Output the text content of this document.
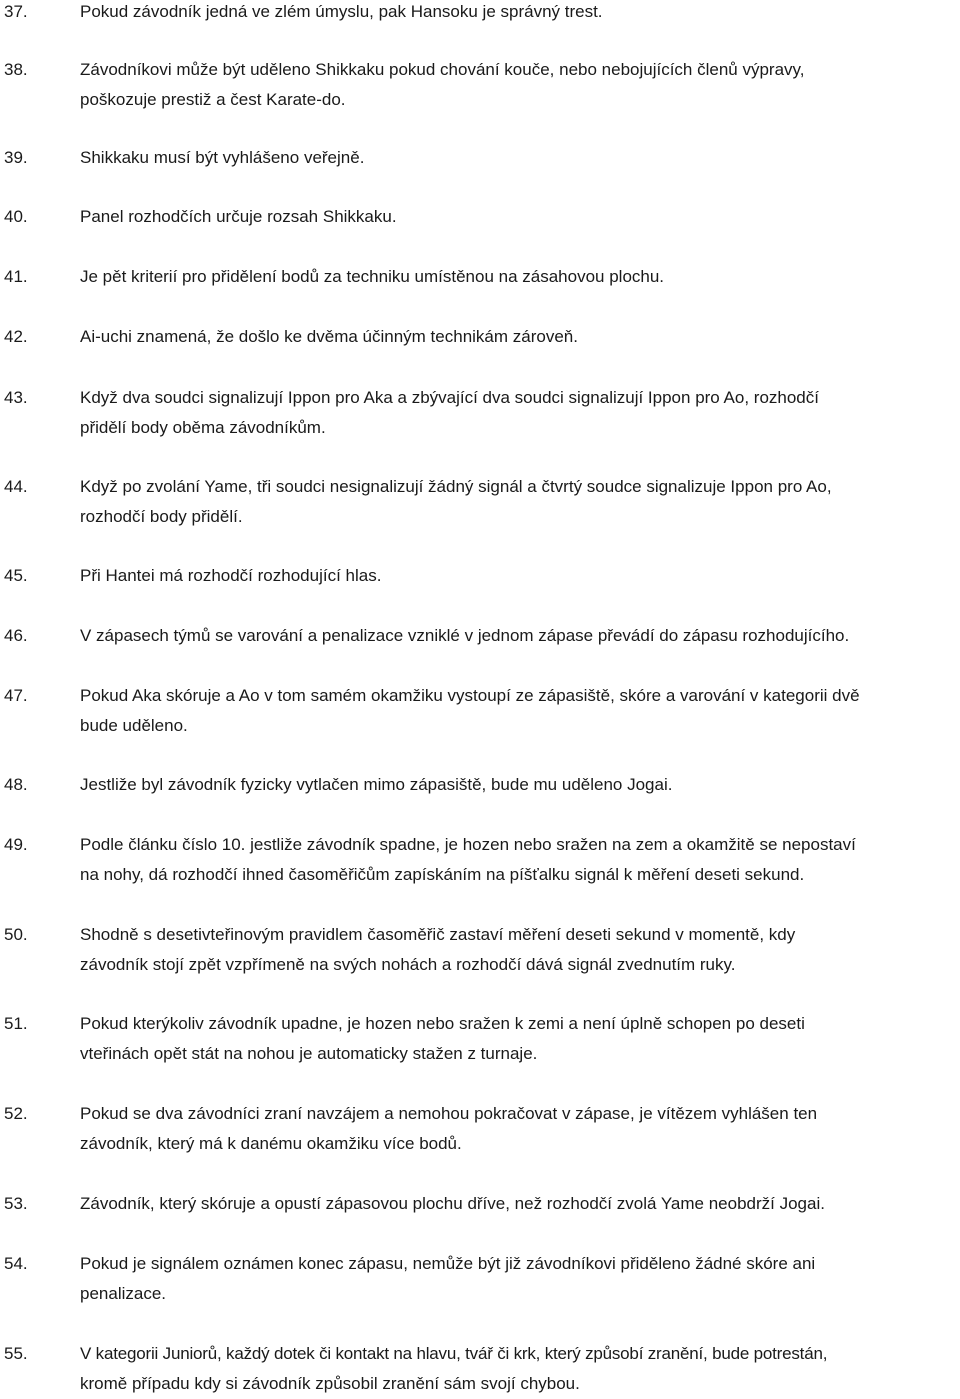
37.	Pokud závodník jedná ve zlém úmyslu, pak Hansoku je správný trest.
38.	Závodníkovi může být uděleno Shikkaku pokud chování kouče, nebo nebojujících členů výpravy,
poškozuje prestiž a čest Karate-do.
39.	Shikkaku musí být vyhlášeno veřejně.
40.	Panel rozhodčích určuje rozsah Shikkaku.
41.	Je pět kriterií pro přidělení bodů za techniku umístěnou na zásahovou plochu.
42.	Ai-uchi znamená, že došlo ke dvěma účinným technikám zároveň.
43.	Když dva soudci signalizují Ippon pro Aka a zbývající dva soudci signalizují Ippon pro Ao, rozhodčí
přidělí body oběma závodníkům.
44.	Když po zvolání Yame, tři soudci nesignalizují žádný signál a čtvrtý soudce signalizuje Ippon pro Ao,
rozhodčí body přidělí.
45.	Při Hantei má rozhodčí rozhodující hlas.
46.	V zápasech týmů se varování a penalizace vzniklé v jednom zápase převádí do zápasu rozhodujícího.
47.	Pokud Aka skóruje a Ao v tom samém okamžiku vystoupí ze zápasiště, skóre a varování v kategorii dvě
bude uděleno.
48.	Jestliže byl závodník fyzicky vytlačen mimo zápasiště, bude mu uděleno Jogai.
49.	Podle článku číslo 10. jestliže závodník spadne, je hozen nebo sražen na zem a okamžitě se nepostaví
na nohy, dá rozhodčí ihned časoměřičům zapískáním na píšťalku signál k měření deseti sekund.
50.	Shodně s desetivteřinovým pravidlem časoměřič zastaví měření deseti sekund v momentě, kdy
závodník stojí zpět vzpřímeně na svých nohách a rozhodčí dává signál zvednutím ruky.
51.	Pokud kterýkoliv závodník upadne, je hozen nebo sražen k zemi a není úplně schopen po deseti
vteřinách opět stát na nohou je automaticky stažen z turnaje.
52.	Pokud se dva závodníci zraní navzájem a nemohou pokračovat v zápase, je vítězem vyhlášen ten
závodník, který má k danému okamžiku více bodů.
53.	Závodník, který skóruje a opustí zápasovou plochu dříve, než rozhodčí zvolá Yame neobdrží Jogai.
54.	Pokud je signálem oznámen konec zápasu, nemůže být již závodníkovi přiděleno žádné skóre ani
penalizace.
55.	V kategorii Juniorů, každý dotek či kontakt na hlavu, tvář či krk, který způsobí zranění, bude potrestán,
kromě případu kdy si závodník způsobil zranění sám svojí chybou.
